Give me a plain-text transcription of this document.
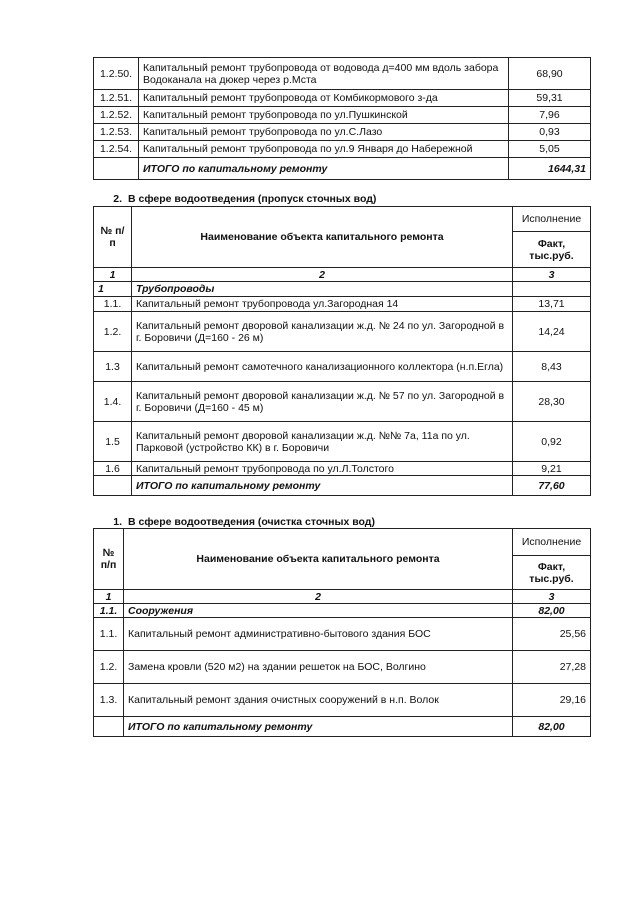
1.2.50.	Капитальный ремонт трубопровода от водовода д=400 мм вдоль забора Водоканала на дюкер через р.Мста	68,90
1.2.51.	Капитальный ремонт трубопровода от Комбикормового з-да	59,31
1.2.52.	Капитальный ремонт трубопровода по ул.Пушкинской	7,96
1.2.53.	Капитальный ремонт трубопровода по ул.С.Лазо	0,93
1.2.54.	Капитальный ремонт трубопровода по ул.9 Января до Набережной	5,05
	ИТОГО по капитальному ремонту	1644,31
2. В сфере водоотведения (пропуск сточных вод)
№ п/п	Наименование объекта капитального ремонта	Исполнение
		Факт, тыс.руб.
1	2	3
1	Трубопроводы	
1.1.	Капитальный ремонт трубопровода ул.Загородная 14	13,71
1.2.	Капитальный ремонт дворовой канализации ж.д. № 24 по ул. Загородной в г. Боровичи (Д=160 - 26 м)	14,24
1.3	Капитальный ремонт самотечного канализационного коллектора (н.п.Егла)	8,43
1.4.	Капитальный ремонт дворовой канализации ж.д. № 57 по ул. Загородной в г. Боровичи (Д=160 - 45 м)	28,30
1.5	Капитальный ремонт дворовой канализации ж.д. №№ 7а, 11а по ул. Парковой (устройство КК) в г. Боровичи	0,92
1.6	Капитальный ремонт трубопровода по ул.Л.Толстого	9,21
	ИТОГО по капитальному ремонту	77,60
1. В сфере водоотведения (очистка сточных вод)
№ п/п	Наименование объекта капитального ремонта	Исполнение
		Факт, тыс.руб.
1	2	3
1.1.	Сооружения	82,00
1.1.	Капитальный ремонт административно-бытового здания БОС	25,56
1.2.	Замена кровли (520 м2) на здании решеток на БОС, Волгино	27,28
1.3.	Капитальный ремонт здания очистных сооружений в н.п. Волок	29,16
	ИТОГО по капитальному ремонту	82,00
